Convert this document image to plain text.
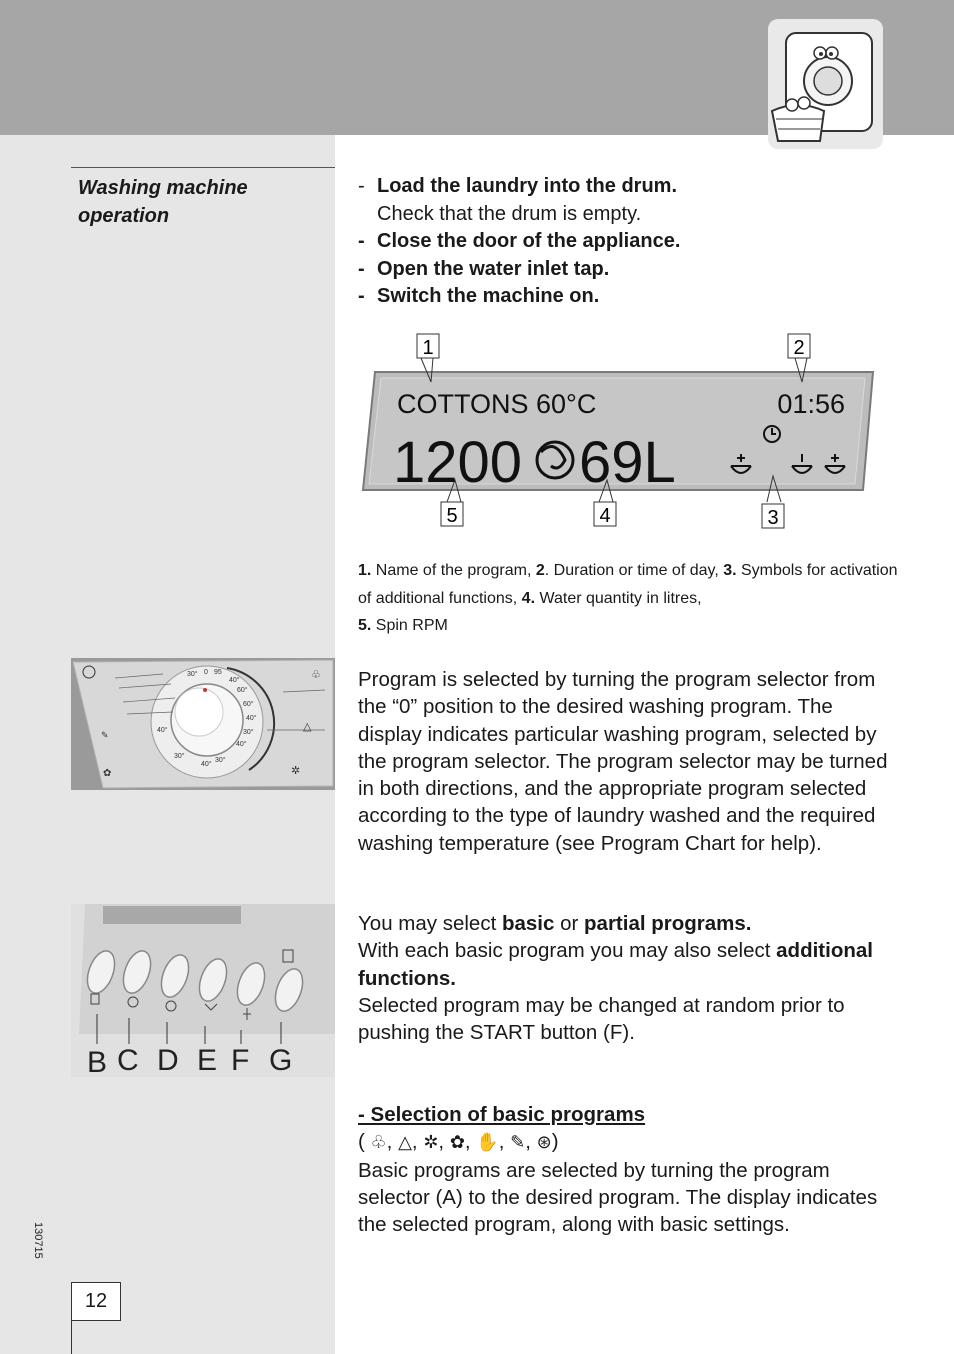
Washing machine
operation
- Load the laundry into the drum.
Check that the drum is empty.
- Close the door of the appliance.
- Open the water inlet tap.
- Switch the machine on.
1	2
3
4
5
COTTONS 60°C	01:56
1200 69L
1. Name of the program, 2. Duration or time of day, 3. Symbols for activation of additional functions, 4. Water quantity in litres,
5. Spin RPM
30° 0 95
40°
60°
60°
40°
30°
40°
30°
40°
30°
40°
✎
✿	✲
△
♧
B C D E F G
Program is selected by turning the program selector from the “0” position to the desired washing program. The display indicates particular washing program, selected by the program selector. The program selector may be turned in both directions, and the appropriate program selected according to the type of laundry washed and the required washing temperature (see Program Chart for help).
You may select basic or partial programs.
With each basic program you may also select additional functions.
Selected program may be changed at random prior to pushing the START button (F).
- Selection of basic programs
( ♧, △, ✲, ✿, ✋, ✎, ⊛)
Basic programs are selected by turning the program selector (A) to the desired program. The display indicates the selected program, along with basic settings.
130715
12
